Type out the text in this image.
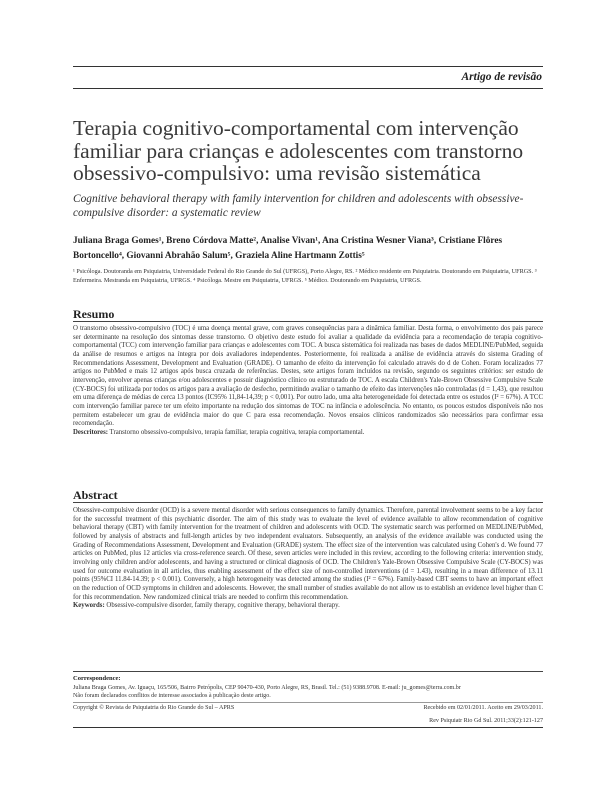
Artigo de revisão
Terapia cognitivo-comportamental com intervenção familiar para crianças e adolescentes com transtorno obsessivo-compulsivo: uma revisão sistemática
Cognitive behavioral therapy with family intervention for children and adolescents with obsessive-compulsive disorder: a systematic review
Juliana Braga Gomes¹, Breno Córdova Matte², Analise Vivan¹, Ana Cristina Wesner Viana³, Cristiane Flôres Bortoncello⁴, Giovanni Abrahão Salum⁵, Graziela Aline Hartmann Zottis⁵
¹ Psicóloga. Doutoranda em Psiquiatria, Universidade Federal do Rio Grande do Sul (UFRGS), Porto Alegre, RS. ² Médico residente em Psiquiatria. Doutorando em Psiquiatria, UFRGS. ³ Enfermeira. Mestranda em Psiquiatria, UFRGS. ⁴ Psicóloga. Mestre em Psiquiatria, UFRGS. ⁵ Médico. Doutorando em Psiquiatria, UFRGS.
Resumo

O transtorno obsessivo-compulsivo (TOC) é uma doença mental grave, com graves consequências para a dinâmica familiar. Desta forma, o envolvimento dos pais parece ser determinante na resolução dos sintomas desse transtorno. O objetivo deste estudo foi avaliar a qualidade da evidência para a recomendação de terapia cognitivo-comportamental (TCC) com intervenção familiar para crianças e adolescentes com TOC. A busca sistemática foi realizada nas bases de dados MEDLINE/PubMed, seguida da análise de resumos e artigos na íntegra por dois avaliadores independentes. Posteriormente, foi realizada a análise de evidência através do sistema Grading of Recommendations Assessment, Development and Evaluation (GRADE). O tamanho de efeito da intervenção foi calculado através do d de Cohen. Foram localizados 77 artigos no PubMed e mais 12 artigos após busca cruzada de referências. Destes, sete artigos foram incluídos na revisão, segundo os seguintes critérios: ser estudo de intervenção, envolver apenas crianças e/ou adolescentes e possuir diagnóstico clínico ou estruturado de TOC. A escala Children's Yale-Brown Obsessive Compulsive Scale (CY-BOCS) foi utilizada por todos os artigos para a avaliação de desfecho, permitindo avaliar o tamanho de efeito das intervenções não controladas (d = 1,43), que resultou em uma diferença de médias de cerca 13 pontos (IC95% 11,84-14,39; p < 0,001). Por outro lado, uma alta heterogeneidade foi detectada entre os estudos (I² = 67%). A TCC com intervenção familiar parece ter um efeito importante na redução dos sintomas de TOC na infância e adolescência. No entanto, os poucos estudos disponíveis não nos permitem estabelecer um grau de evidência maior do que C para essa recomendação. Novos ensaios clínicos randomizados são necessários para confirmar essa recomendação.

Descritores: Transtorno obsessivo-compulsivo, terapia familiar, terapia cognitiva, terapia comportamental.

Abstract

Obsessive-compulsive disorder (OCD) is a severe mental disorder with serious consequences to family dynamics. Therefore, parental involvement seems to be a key factor for the successful treatment of this psychiatric disorder. The aim of this study was to evaluate the level of evidence available to allow recommendation of cognitive behavioral therapy (CBT) with family intervention for the treatment of children and adolescents with OCD. The systematic search was performed on MEDLINE/PubMed, followed by analysis of abstracts and full-length articles by two independent evaluators. Subsequently, an analysis of the evidence available was conducted using the Grading of Recommendations Assessment, Development and Evaluation (GRADE) system. The effect size of the intervention was calculated using Cohen's d. We found 77 articles on PubMed, plus 12 articles via cross-reference search. Of these, seven articles were included in this review, according to the following criteria: intervention study, involving only children and/or adolescents, and having a structured or clinical diagnosis of OCD. The Children's Yale-Brown Obsessive Compulsive Scale (CY-BOCS) was used for outcome evaluation in all articles, thus enabling assessment of the effect size of non-controlled interventions (d = 1.43), resulting in a mean difference of 13.11 points (95%CI 11.84-14.39; p < 0.001). Conversely, a high heterogeneity was detected among the studies (I² = 67%). Family-based CBT seems to have an important effect on the reduction of OCD symptoms in children and adolescents. However, the small number of studies available do not allow us to establish an evidence level higher than C for this recommendation. New randomized clinical trials are needed to confirm this recommendation.

Keywords: Obsessive-compulsive disorder, family therapy, cognitive therapy, behavioral therapy.

Correspondence:
Juliana Braga Gomes, Av. Iguaçu, 165/506, Bairro Petrópolis, CEP 90470-430, Porto Alegre, RS, Brasil. Tel.: (51) 9388.9708. E-mail: ju_gomes@terra.com.br
Não foram declarados conflitos de interesse associados à publicação deste artigo.
Copyright © Revista de Psiquiatria do Rio Grande do Sul – APRS	Recebido em 02/01/2011. Aceito em 29/03/2011.
Rev Psiquiatr Rio Gd Sul. 2011;33(2):121-127
